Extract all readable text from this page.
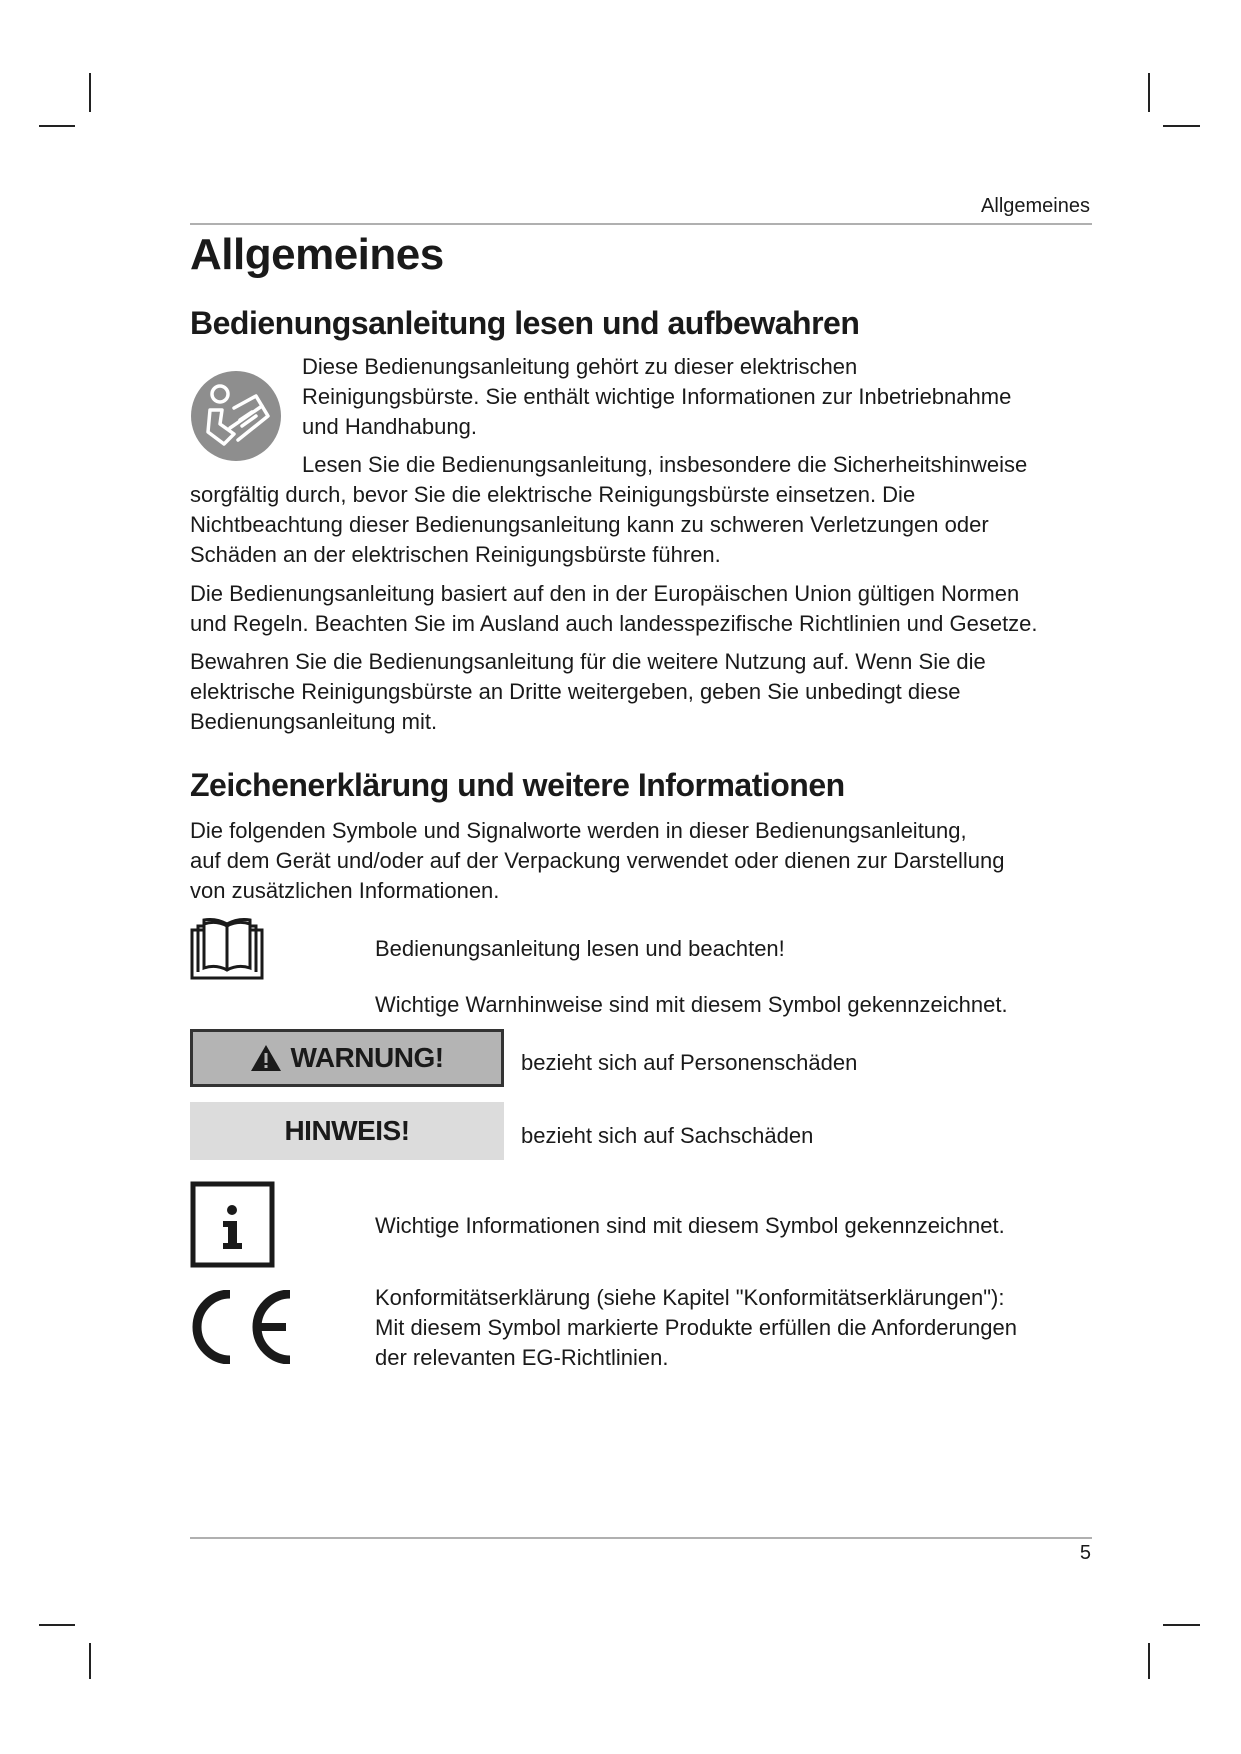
Allgemeines
Allgemeines
Bedienungsanleitung lesen und aufbewahren
Diese Bedienungsanleitung gehört zu dieser elektrischen
Reinigungsbürste. Sie enthält wichtige Informationen zur Inbetriebnahme
und Handhabung.
Lesen Sie die Bedienungsanleitung, insbesondere die Sicherheitshinweise
sorgfältig durch, bevor Sie die elektrische Reinigungsbürste einsetzen. Die
Nichtbeachtung dieser Bedienungsanleitung kann zu schweren Verletzungen oder
Schäden an der elektrischen Reinigungsbürste führen.
Die Bedienungsanleitung basiert auf den in der Europäischen Union gültigen Normen
und Regeln. Beachten Sie im Ausland auch landesspezifische Richtlinien und Gesetze.
Bewahren Sie die Bedienungsanleitung für die weitere Nutzung auf. Wenn Sie die
elektrische Reinigungsbürste an Dritte weitergeben, geben Sie unbedingt diese
Bedienungsanleitung mit.
Zeichenerklärung und weitere Informationen
Die folgenden Symbole und Signalworte werden in dieser Bedienungsanleitung,
auf dem Gerät und/oder auf der Verpackung verwendet oder dienen zur Darstellung
von zusätzlichen Informationen.
Bedienungsanleitung lesen und beachten!
Wichtige Warnhinweise sind mit diesem Symbol gekennzeichnet.
WARNUNG!	bezieht sich auf Personenschäden
HINWEIS!	bezieht sich auf Sachschäden
Wichtige Informationen sind mit diesem Symbol gekennzeichnet.
Konformitätserklärung (siehe Kapitel "Konformitätserklärungen"):
Mit diesem Symbol markierte Produkte erfüllen die Anforderungen
der relevanten EG-Richtlinien.
5
